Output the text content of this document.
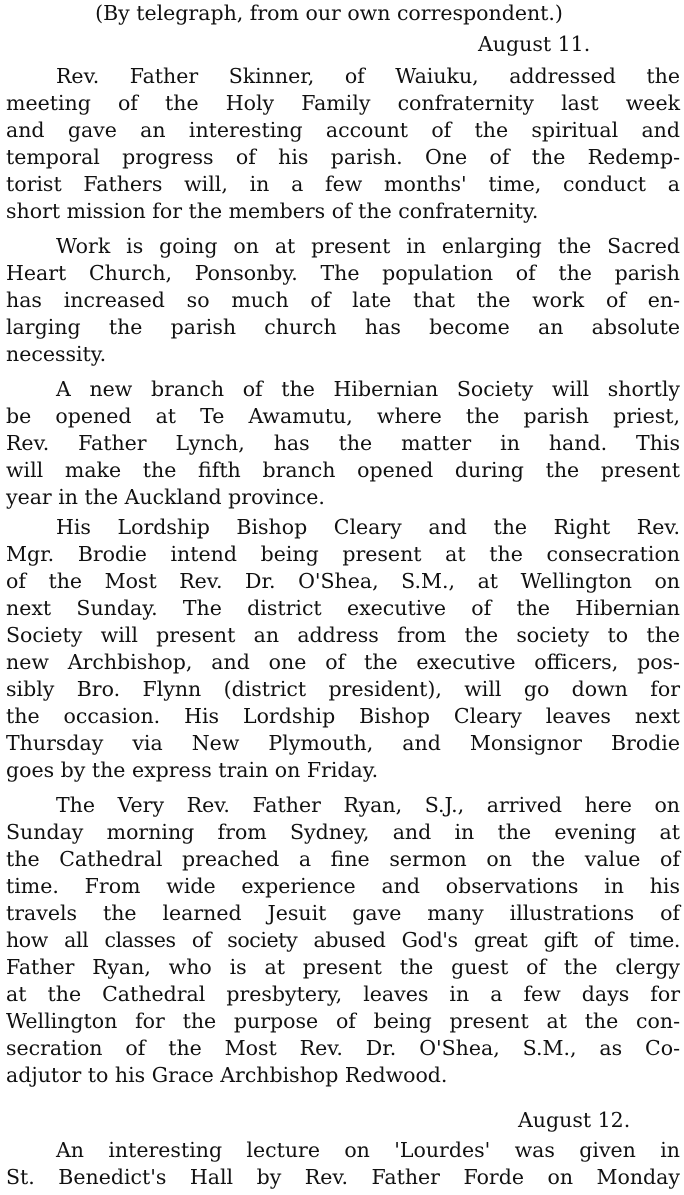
(By telegraph, from our own correspondent.)
August 11.
Rev. Father Skinner, of Waiuku, addressed the
meeting of the Holy Family confraternity last week
and gave an interesting account of the spiritual and
temporal progress of his parish. One of the Redemp-
torist Fathers will, in a few months' time, conduct a
short mission for the members of the confraternity.
Work is going on at present in enlarging the Sacred
Heart Church, Ponsonby. The population of the parish
has increased so much of late that the work of en-
larging the parish church has become an absolute
necessity.
A new branch of the Hibernian Society will shortly
be opened at Te Awamutu, where the parish priest,
Rev. Father Lynch, has the matter in hand. This
will make the fifth branch opened during the present
year in the Auckland province.
His Lordship Bishop Cleary and the Right Rev.
Mgr. Brodie intend being present at the consecration
of the Most Rev. Dr. O'Shea, S.M., at Wellington on
next Sunday. The district executive of the Hibernian
Society will present an address from the society to the
new Archbishop, and one of the executive officers, pos-
sibly Bro. Flynn (district president), will go down for
the occasion. His Lordship Bishop Cleary leaves next
Thursday via New Plymouth, and Monsignor Brodie
goes by the express train on Friday.
The Very Rev. Father Ryan, S.J., arrived here on
Sunday morning from Sydney, and in the evening at
the Cathedral preached a fine sermon on the value of
time. From wide experience and observations in his
travels the learned Jesuit gave many illustrations of
how all classes of society abused God's great gift of time.
Father Ryan, who is at present the guest of the clergy
at the Cathedral presbytery, leaves in a few days for
Wellington for the purpose of being present at the con-
secration of the Most Rev. Dr. O'Shea, S.M., as Co-
adjutor to his Grace Archbishop Redwood.
August 12.
An interesting lecture on 'Lourdes' was given in
St. Benedict's Hall by Rev. Father Forde on Monday
